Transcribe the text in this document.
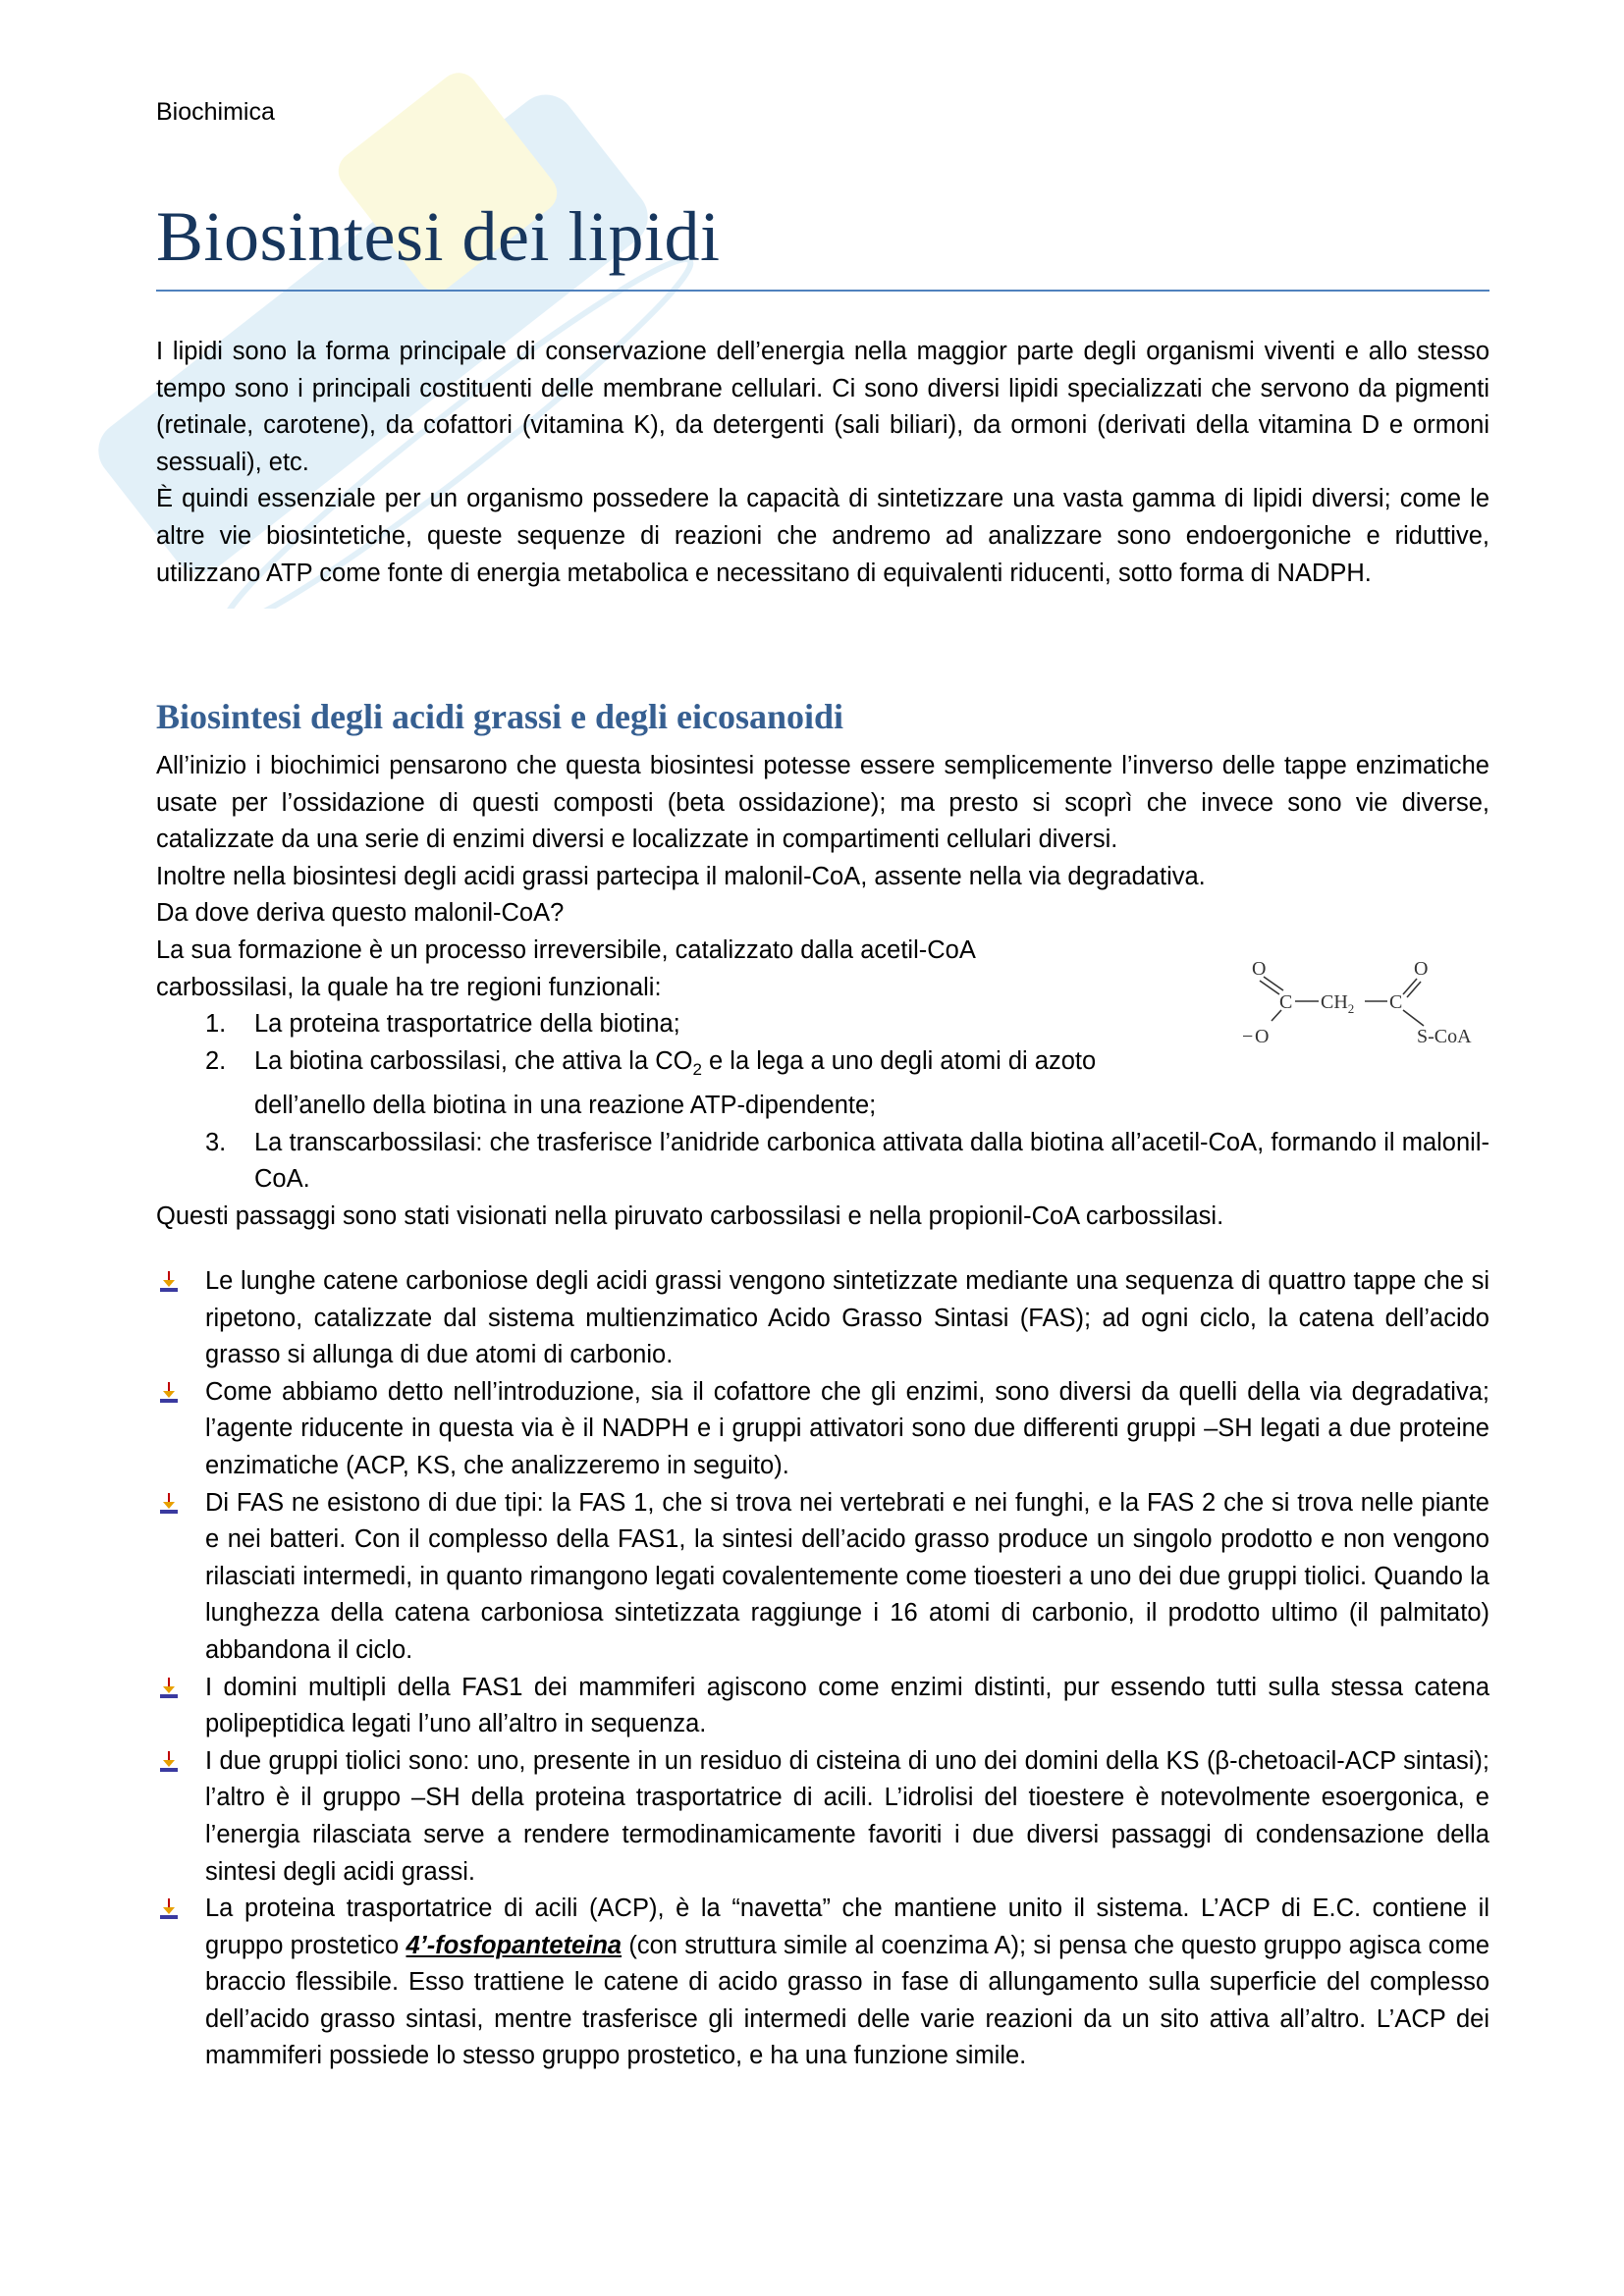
Biochimica
Biosintesi dei lipidi

I lipidi sono la forma principale di conservazione dell’energia nella maggior parte degli organismi viventi e allo stesso tempo sono i principali costituenti delle membrane cellulari. Ci sono diversi lipidi specializzati che servono da pigmenti (retinale, carotene), da cofattori (vitamina K), da detergenti (sali biliari), da ormoni (derivati della vitamina D e ormoni sessuali), etc.

È quindi essenziale per un organismo possedere la capacità di sintetizzare una vasta gamma di lipidi diversi; come le altre vie biosintetiche, queste sequenze di reazioni che andremo ad analizzare sono endoergoniche e riduttive, utilizzano ATP come fonte di energia metabolica e necessitano di equivalenti riducenti, sotto forma di NADPH.

Biosintesi degli acidi grassi e degli eicosanoidi

All’inizio i biochimici pensarono che questa biosintesi potesse essere semplicemente l’inverso delle tappe enzimatiche usate per l’ossidazione di questi composti (beta ossidazione); ma presto si scoprì che invece sono vie diverse, catalizzate da una serie di enzimi diversi e localizzate in compartimenti cellulari diversi.

Inoltre nella biosintesi degli acidi grassi partecipa il malonil-CoA, assente nella via degradativa.

Da dove deriva questo malonil-CoA?

La sua formazione è un processo irreversibile, catalizzato dalla acetil-CoA carbossilasi, la quale ha tre regioni funzionali:

1. La proteina trasportatrice della biotina;
2. La biotina carbossilasi, che attiva la $CO_2$ e la lega a uno degli atomi di azoto dell’anello della biotina in una reazione ATP-dipendente;
3. La transcarbossilasi: che trasferisce l’anidride carbonica attivata dalla biotina all’acetil-CoA, formando il malonil-CoA.

Questi passaggi sono stati visionati nella piruvato carbossilasi e nella propionil-CoA carbossilasi.

O	O
C $CH_2$ C
− O	S-CoA

Le lunghe catene carboniose degli acidi grassi vengono sintetizzate mediante una sequenza di quattro tappe che si ripetono, catalizzate dal sistema multienzimatico Acido Grasso Sintasi (FAS); ad ogni ciclo, la catena dell’acido grasso si allunga di due atomi di carbonio.

Come abbiamo detto nell’introduzione, sia il cofattore che gli enzimi, sono diversi da quelli della via degradativa; l’agente riducente in questa via è il NADPH e i gruppi attivatori sono due differenti gruppi –SH legati a due proteine enzimatiche (ACP, KS, che analizzeremo in seguito).

Di FAS ne esistono di due tipi: la FAS 1, che si trova nei vertebrati e nei funghi, e la FAS 2 che si trova nelle piante e nei batteri. Con il complesso della FAS1, la sintesi dell’acido grasso produce un singolo prodotto e non vengono rilasciati intermedi, in quanto rimangono legati covalentemente come tioesteri a uno dei due gruppi tiolici. Quando la lunghezza della catena carboniosa sintetizzata raggiunge i 16 atomi di carbonio, il prodotto ultimo (il palmitato) abbandona il ciclo.

I domini multipli della FAS1 dei mammiferi agiscono come enzimi distinti, pur essendo tutti sulla stessa catena polipeptidica legati l’uno all’altro in sequenza.

I due gruppi tiolici sono: uno, presente in un residuo di cisteina di uno dei domini della KS (β-chetoacil-ACP sintasi); l’altro è il gruppo –SH della proteina trasportatrice di acili. L’idrolisi del tioestere è notevolmente esoergonica, e l’energia rilasciata serve a rendere termodinamicamente favoriti i due diversi passaggi di condensazione della sintesi degli acidi grassi.

La proteina trasportatrice di acili (ACP), è la “navetta” che mantiene unito il sistema. L’ACP di E.C. contiene il gruppo prostetico 4’-fosfopanteteina (con struttura simile al coenzima A); si pensa che questo gruppo agisca come braccio flessibile. Esso trattiene le catene di acido grasso in fase di allungamento sulla superficie del complesso dell’acido grasso sintasi, mentre trasferisce gli intermedi delle varie reazioni da un sito attiva all’altro. L’ACP dei mammiferi possiede lo stesso gruppo prostetico, e ha una funzione simile.
